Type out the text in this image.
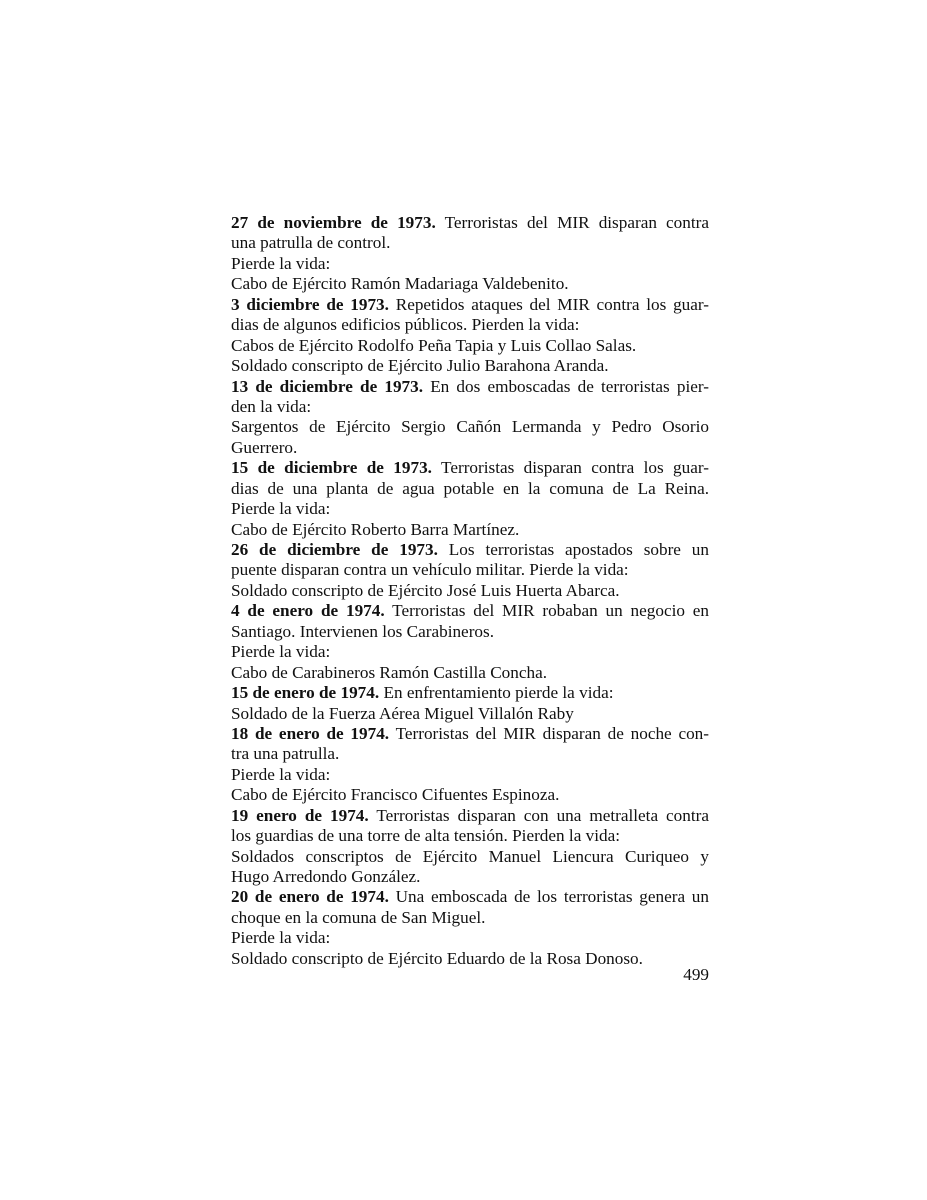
27 de noviembre de 1973. Terroristas del MIR disparan contra
una patrulla de control.
Pierde la vida:
Cabo de Ejército Ramón Madariaga Valdebenito.
3 diciembre de 1973. Repetidos ataques del MIR contra los guar-
dias de algunos edificios públicos. Pierden la vida:
Cabos de Ejército Rodolfo Peña Tapia y Luis Collao Salas.
Soldado conscripto de Ejército Julio Barahona Aranda.
13 de diciembre de 1973. En dos emboscadas de terroristas pier-
den la vida:
Sargentos de Ejército Sergio Cañón Lermanda y Pedro Osorio
Guerrero.
15 de diciembre de 1973. Terroristas disparan contra los guar-
dias de una planta de agua potable en la comuna de La Reina.
Pierde la vida:
Cabo de Ejército Roberto Barra Martínez.
26 de diciembre de 1973. Los terroristas apostados sobre un
puente disparan contra un vehículo militar. Pierde la vida:
Soldado conscripto de Ejército José Luis Huerta Abarca.
4 de enero de 1974. Terroristas del MIR robaban un negocio en
Santiago. Intervienen los Carabineros.
Pierde la vida:
Cabo de Carabineros Ramón Castilla Concha.
15 de enero de 1974. En enfrentamiento pierde la vida:
Soldado de la Fuerza Aérea Miguel Villalón Raby
18 de enero de 1974. Terroristas del MIR disparan de noche con-
tra una patrulla.
Pierde la vida:
Cabo de Ejército Francisco Cifuentes Espinoza.
19 enero de 1974. Terroristas disparan con una metralleta contra
los guardias de una torre de alta tensión. Pierden la vida:
Soldados conscriptos de Ejército Manuel Liencura Curiqueo y
Hugo Arredondo González.
20 de enero de 1974. Una emboscada de los terroristas genera un
choque en la comuna de San Miguel.
Pierde la vida:
Soldado conscripto de Ejército Eduardo de la Rosa Donoso.
499
